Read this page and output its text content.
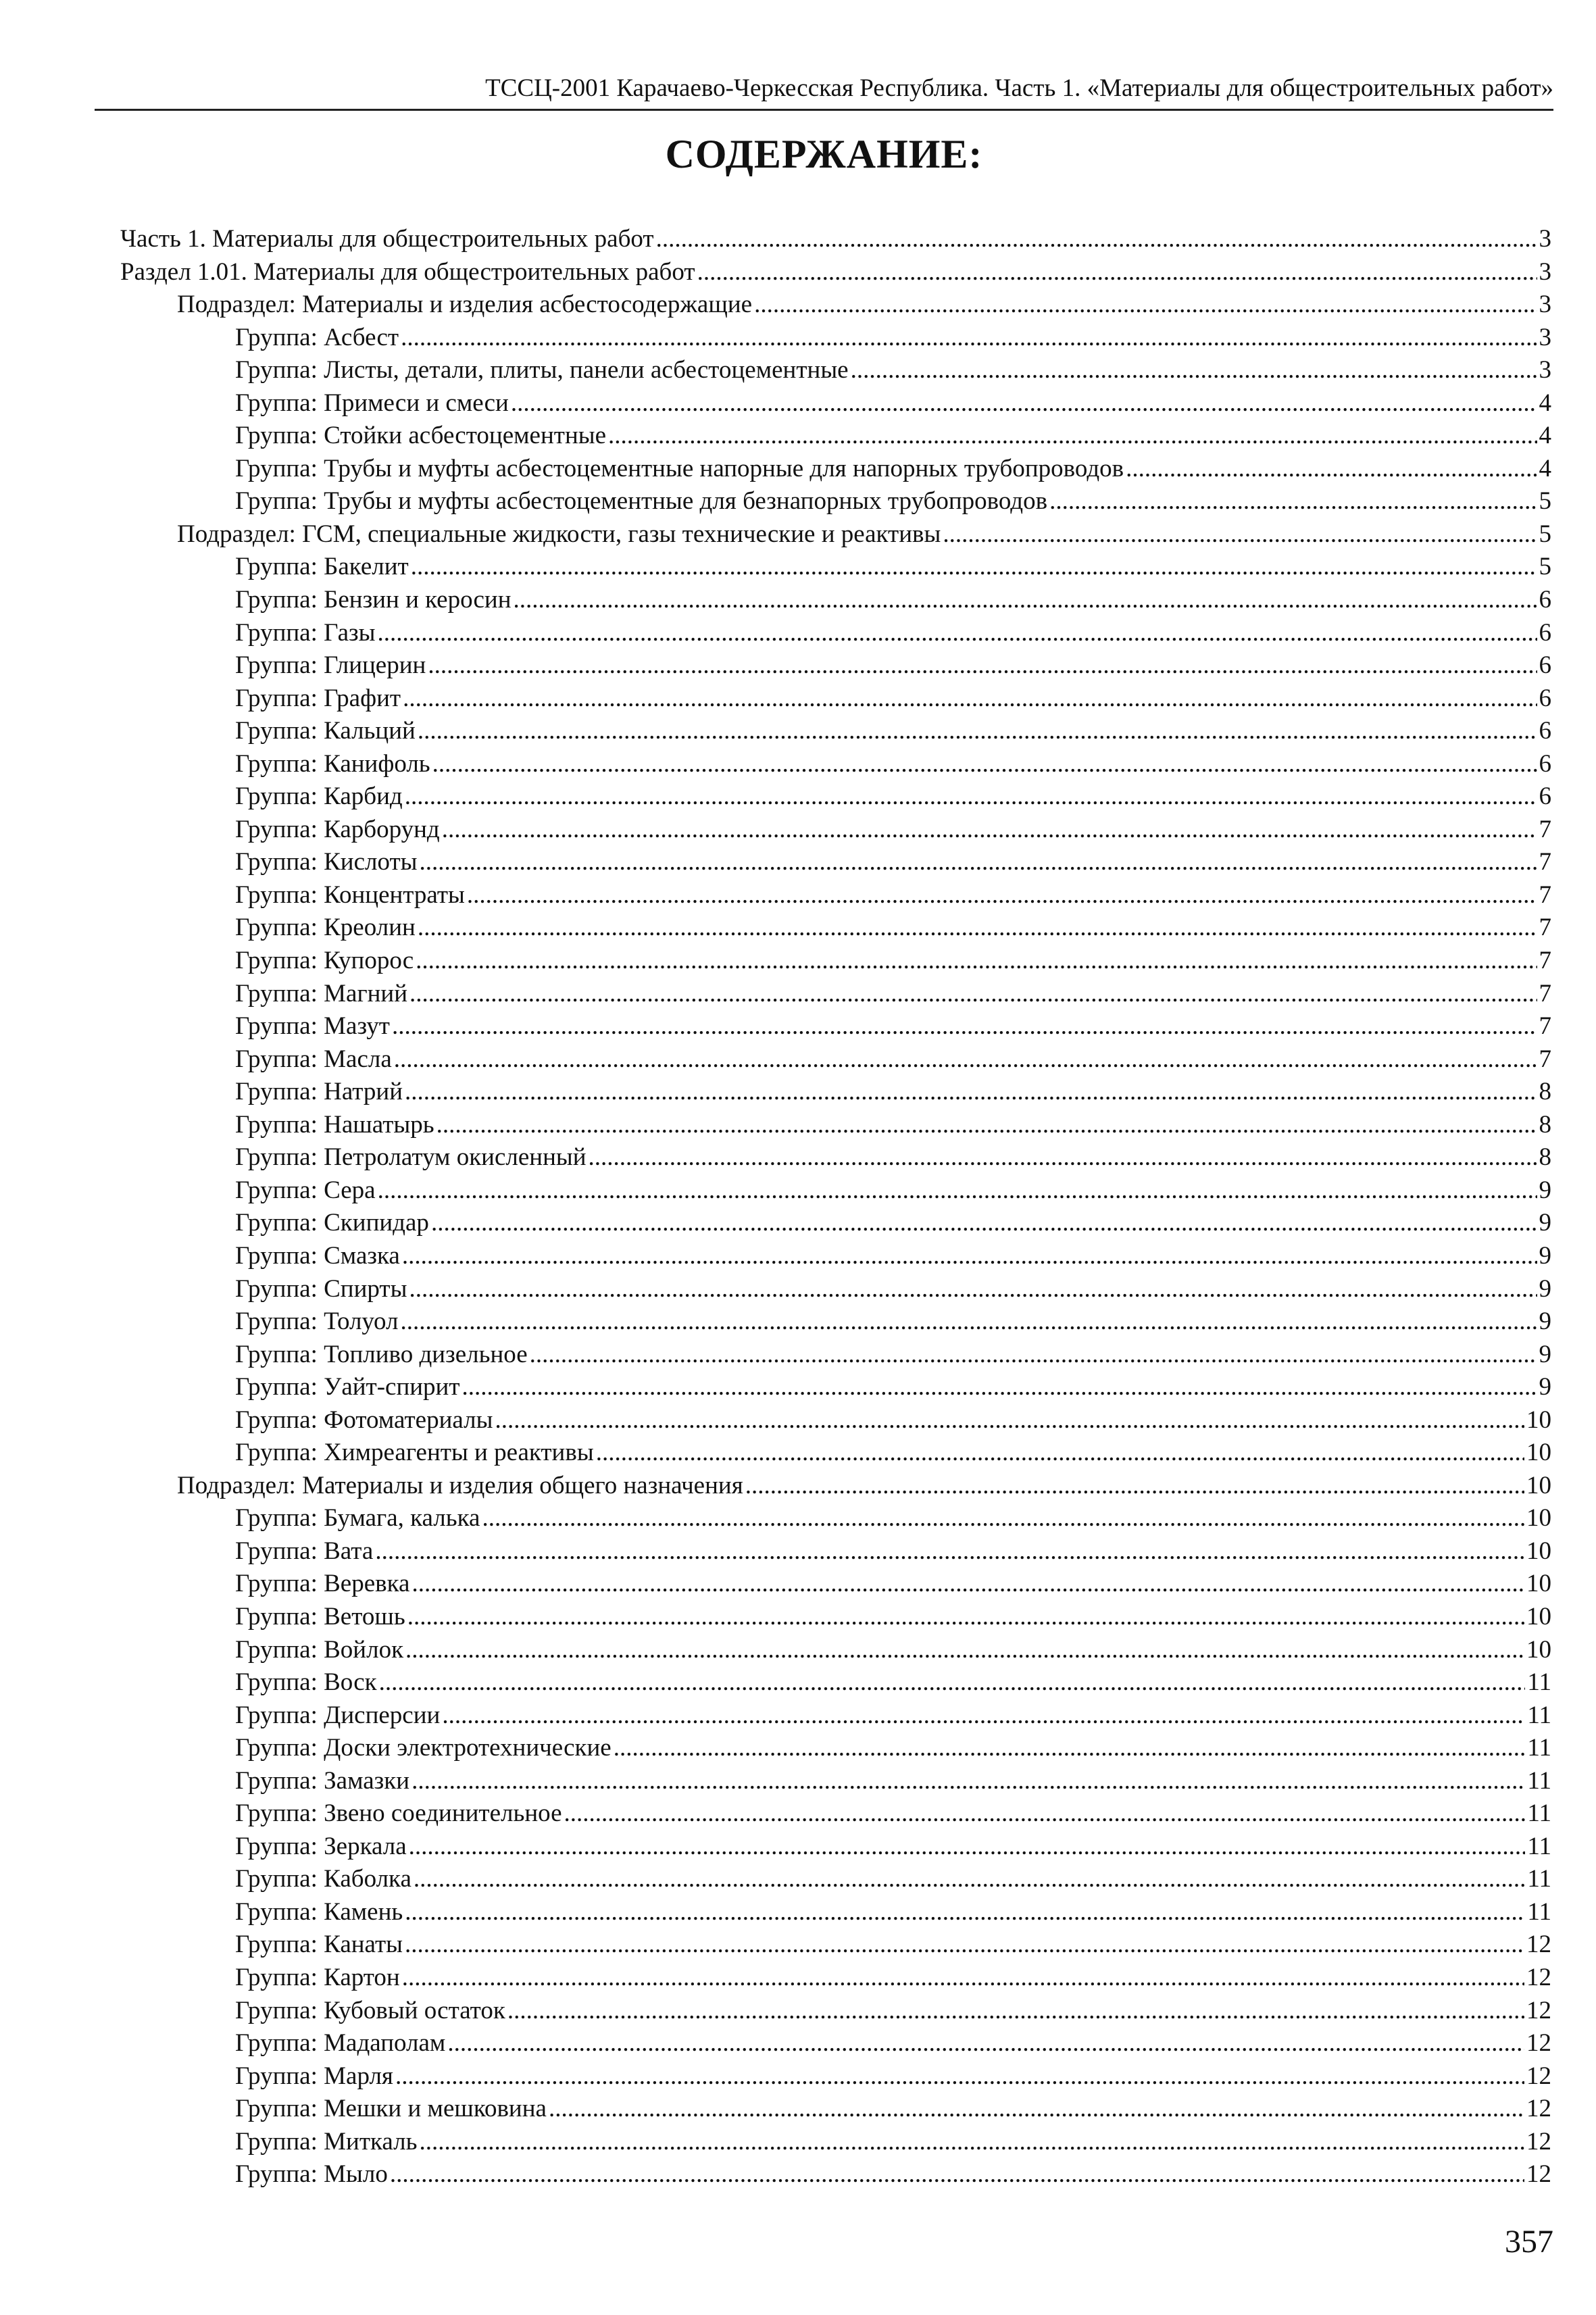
ТССЦ-2001 Карачаево-Черкесская Республика. Часть 1. «Материалы для общестроительных работ»
СОДЕРЖАНИЕ:
Часть 1. Материалы для общестроительных работ .....	3
Раздел 1.01. Материалы для общестроительных работ .....	3
Подраздел: Материалы и изделия асбестосодержащие .....	3
Группа: Асбест .....	3
Группа: Листы, детали, плиты, панели асбестоцементные .....	3
Группа: Примеси и смеси .....	4
Группа: Стойки асбестоцементные .....	4
Группа: Трубы и муфты асбестоцементные напорные для напорных трубопроводов .....	4
Группа: Трубы и муфты асбестоцементные для безнапорных трубопроводов .....	5
Подраздел: ГСМ, специальные жидкости, газы технические и реактивы .....	5
Группа: Бакелит .....	5
Группа: Бензин и керосин .....	6
Группа: Газы .....	6
Группа: Глицерин .....	6
Группа: Графит .....	6
Группа: Кальций .....	6
Группа: Канифоль .....	6
Группа: Карбид .....	6
Группа: Карборунд .....	7
Группа: Кислоты .....	7
Группа: Концентраты .....	7
Группа: Креолин .....	7
Группа: Купорос .....	7
Группа: Магний .....	7
Группа: Мазут .....	7
Группа: Масла .....	7
Группа: Натрий .....	8
Группа: Нашатырь .....	8
Группа: Петролатум окисленный .....	8
Группа: Сера .....	9
Группа: Скипидар .....	9
Группа: Смазка .....	9
Группа: Спирты .....	9
Группа: Толуол .....	9
Группа: Топливо дизельное .....	9
Группа: Уайт-спирит .....	9
Группа: Фотоматериалы .....	10
Группа: Химреагенты и реактивы .....	10
Подраздел: Материалы и изделия общего назначения .....	10
Группа: Бумага, калька .....	10
Группа: Вата .....	10
Группа: Веревка .....	10
Группа: Ветошь .....	10
Группа: Войлок .....	10
Группа: Воск .....	11
Группа: Дисперсии .....	11
Группа: Доски электротехнические .....	11
Группа: Замазки .....	11
Группа: Звено соединительное .....	11
Группа: Зеркала .....	11
Группа: Каболка .....	11
Группа: Камень .....	11
Группа: Канаты .....	12
Группа: Картон .....	12
Группа: Кубовый остаток .....	12
Группа: Мадаполам .....	12
Группа: Марля .....	12
Группа: Мешки и мешковина .....	12
Группа: Миткаль .....	12
Группа: Мыло .....	12
357
